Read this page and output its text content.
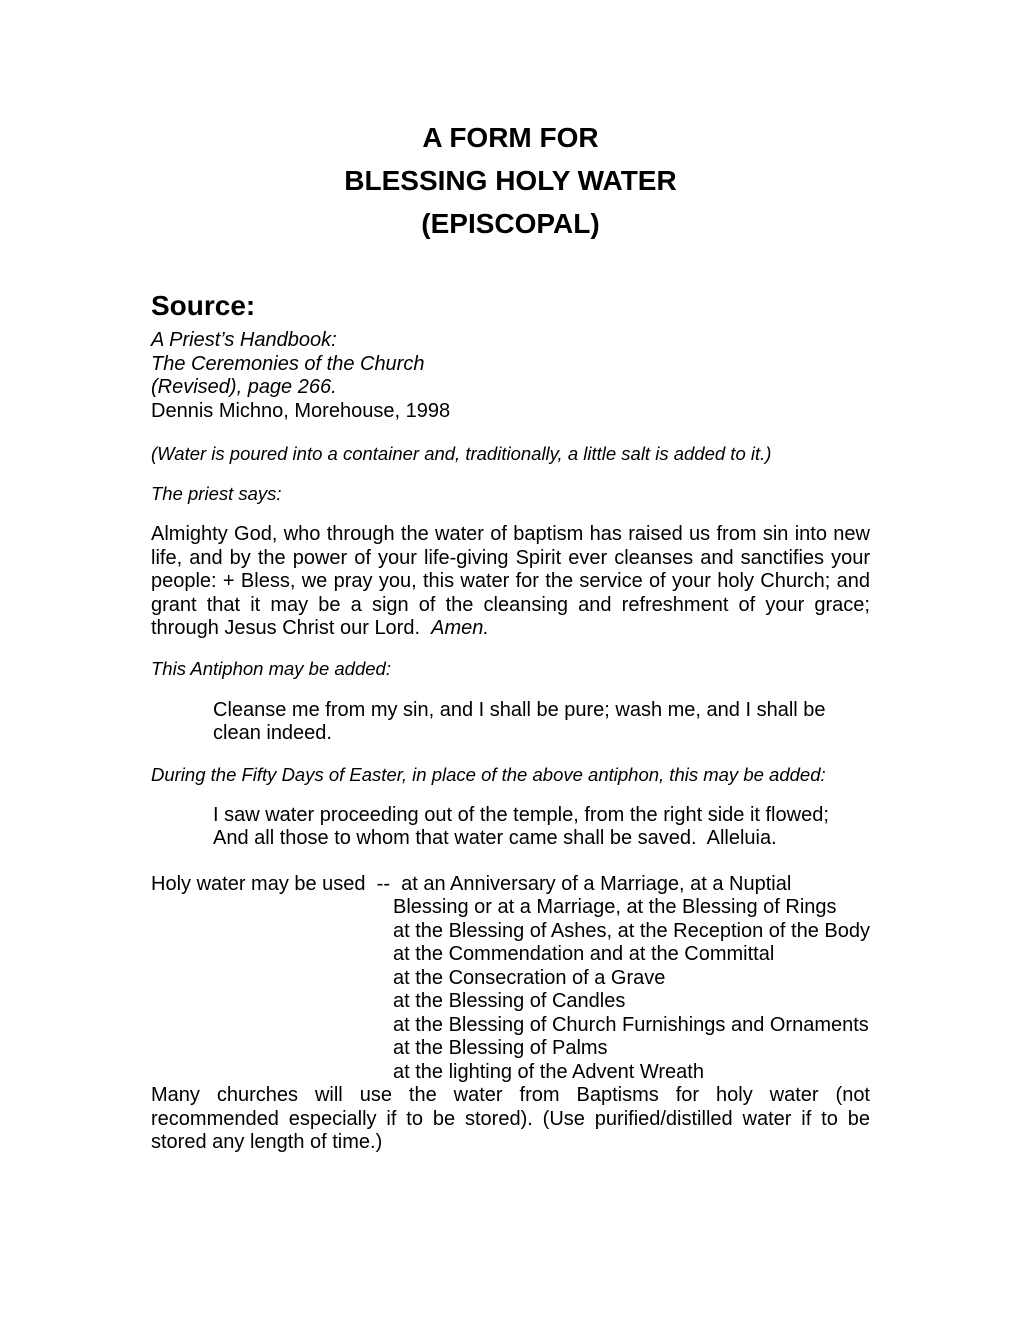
A FORM FOR
BLESSING HOLY WATER
(EPISCOPAL)
Source:
A Priest’s Handbook:
The Ceremonies of the Church
(Revised), page 266.
Dennis Michno, Morehouse, 1998

(Water is poured into a container and, traditionally, a little salt is added to it.)

The priest says:

Almighty God, who through the water of baptism has raised us from sin into new life, and by the power of your life-giving Spirit ever cleanses and sanctifies your people: + Bless, we pray you, this water for the service of your holy Church; and grant that it may be a sign of the cleansing and refreshment of your grace; through Jesus Christ our Lord.  Amen.

This Antiphon may be added:

Cleanse me from my sin, and I shall be pure; wash me, and I shall be
clean indeed.

During the Fifty Days of Easter, in place of the above antiphon, this may be added:

I saw water proceeding out of the temple, from the right side it flowed;
And all those to whom that water came shall be saved.  Alleluia.
Holy water may be used  --  at an Anniversary of a Marriage, at a Nuptial
Blessing or at a Marriage, at the Blessing of Rings
at the Blessing of Ashes, at the Reception of the Body
at the Commendation and at the Committal
at the Consecration of a Grave
at the Blessing of Candles
at the Blessing of Church Furnishings and Ornaments
at the Blessing of Palms
at the lighting of the Advent Wreath

Many churches will use the water from Baptisms for holy water (not recommended especially if to be stored). (Use purified/distilled water if to be stored any length of time.)
